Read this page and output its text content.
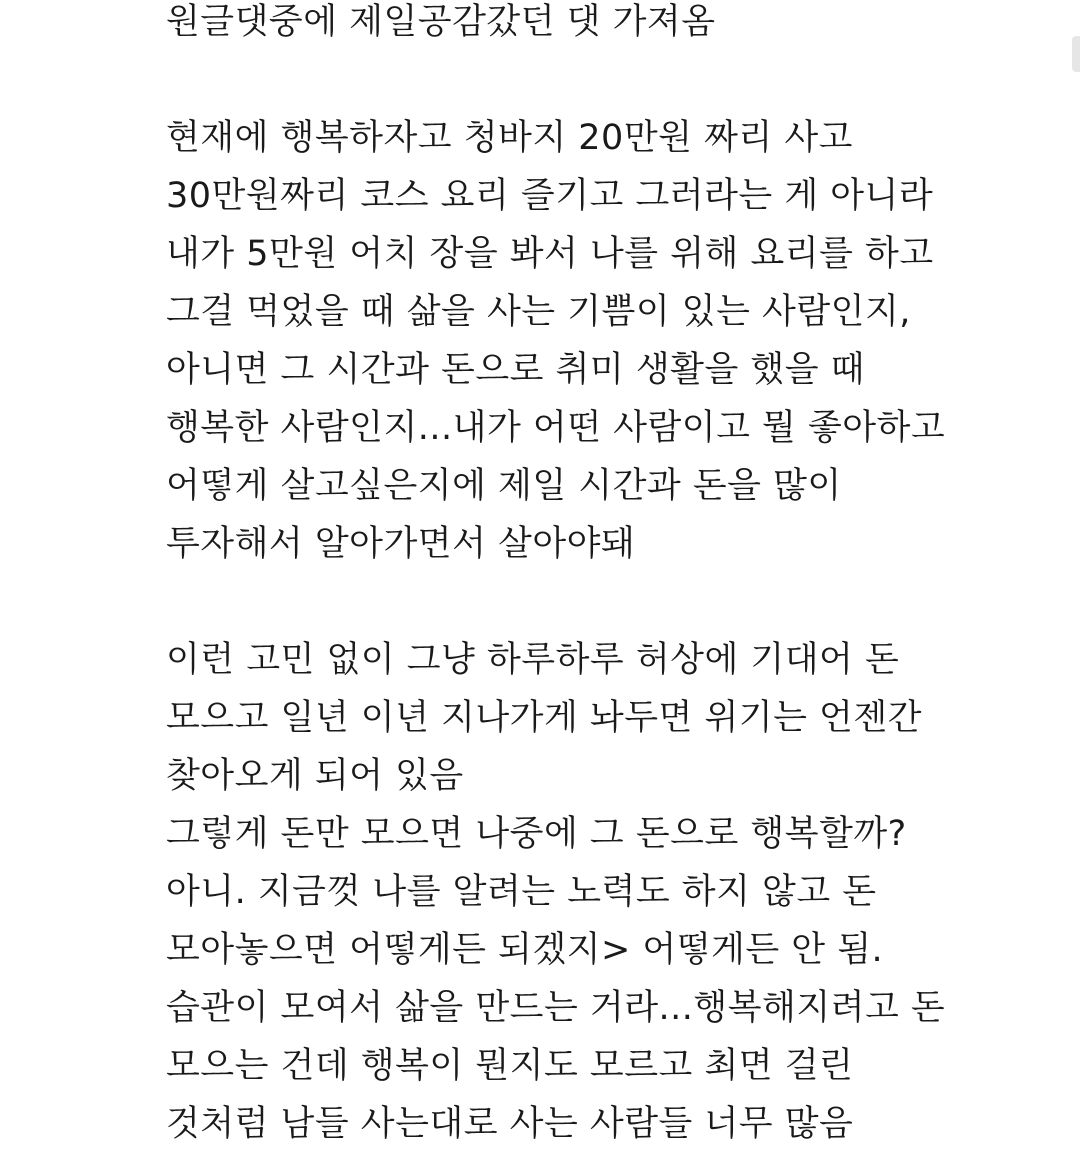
원글댓중에 제일공감갔던 댓 가져옴
현재에 행복하자고 청바지 20만원 짜리 사고
30만원짜리 코스 요리 즐기고 그러라는 게 아니라
내가 5만원 어치 장을 봐서 나를 위해 요리를 하고
그걸 먹었을 때 삶을 사는 기쁨이 있는 사람인지,
아니면 그 시간과 돈으로 취미 생활을 했을 때
행복한 사람인지...내가 어떤 사람이고 뭘 좋아하고
어떻게 살고싶은지에 제일 시간과 돈을 많이
투자해서 알아가면서 살아야돼
이런 고민 없이 그냥 하루하루 허상에 기대어 돈
모으고 일년 이년 지나가게 놔두면 위기는 언젠간
찾아오게 되어 있음
그렇게 돈만 모으면 나중에 그 돈으로 행복할까?
아니. 지금껏 나를 알려는 노력도 하지 않고 돈
모아놓으면 어떻게든 되겠지> 어떻게든 안 됨.
습관이 모여서 삶을 만드는 거라...행복해지려고 돈
모으는 건데 행복이 뭔지도 모르고 최면 걸린
것처럼 남들 사는대로 사는 사람들 너무 많음
